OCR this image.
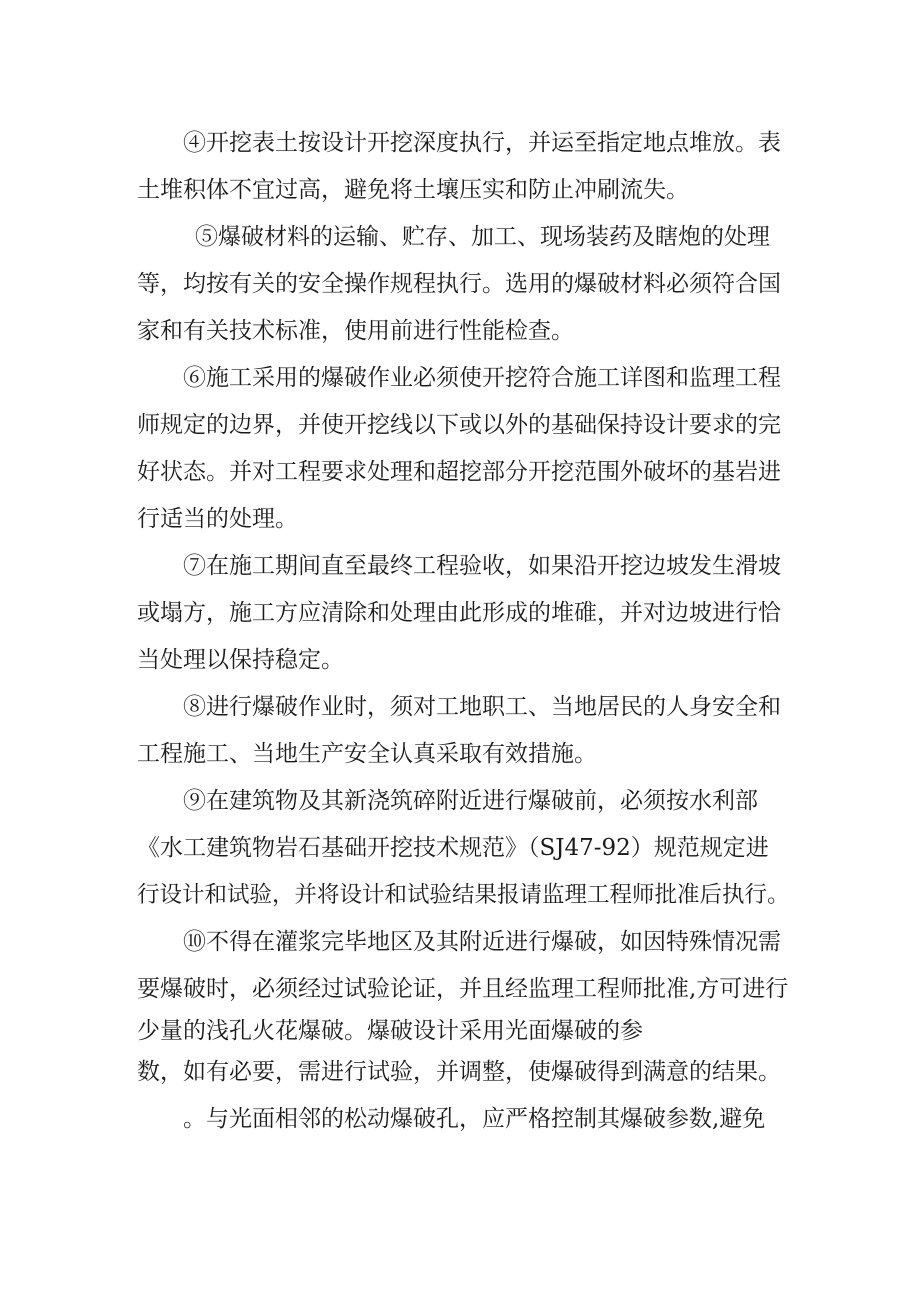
④开挖表土按设计开挖深度执行，并运至指定地点堆放。表
土堆积体不宜过高，避免将土壤压实和防止冲刷流失。
⑤爆破材料的运输、贮存、加工、现场装药及瞎炮的处理
等，均按有关的安全操作规程执行。选用的爆破材料必须符合国
家和有关技术标准，使用前进行性能检查。
⑥施工采用的爆破作业必须使开挖符合施工详图和监理工程
师规定的边界，并使开挖线以下或以外的基础保持设计要求的完
好状态。并对工程要求处理和超挖部分开挖范围外破坏的基岩进
行适当的处理。
⑦在施工期间直至最终工程验收，如果沿开挖边坡发生滑坡
或塌方，施工方应清除和处理由此形成的堆碓，并对边坡进行恰
当处理以保持稳定。
⑧进行爆破作业时，须对工地职工、当地居民的人身安全和
工程施工、当地生产安全认真采取有效措施。
⑨在建筑物及其新浇筑碎附近进行爆破前，必须按水利部
《水工建筑物岩石基础开挖技术规范》（SJ47-92）规范规定进
行设计和试验，并将设计和试验结果报请监理工程师批准后执行。
⑩不得在灌浆完毕地区及其附近进行爆破，如因特殊情况需
要爆破时，必须经过试验论证，并且经监理工程师批准,方可进行
少量的浅孔火花爆破。爆破设计采用光面爆破的参
数，如有必要，需进行试验，并调整，使爆破得到满意的结果。
。与光面相邻的松动爆破孔，应严格控制其爆破参数,避免
